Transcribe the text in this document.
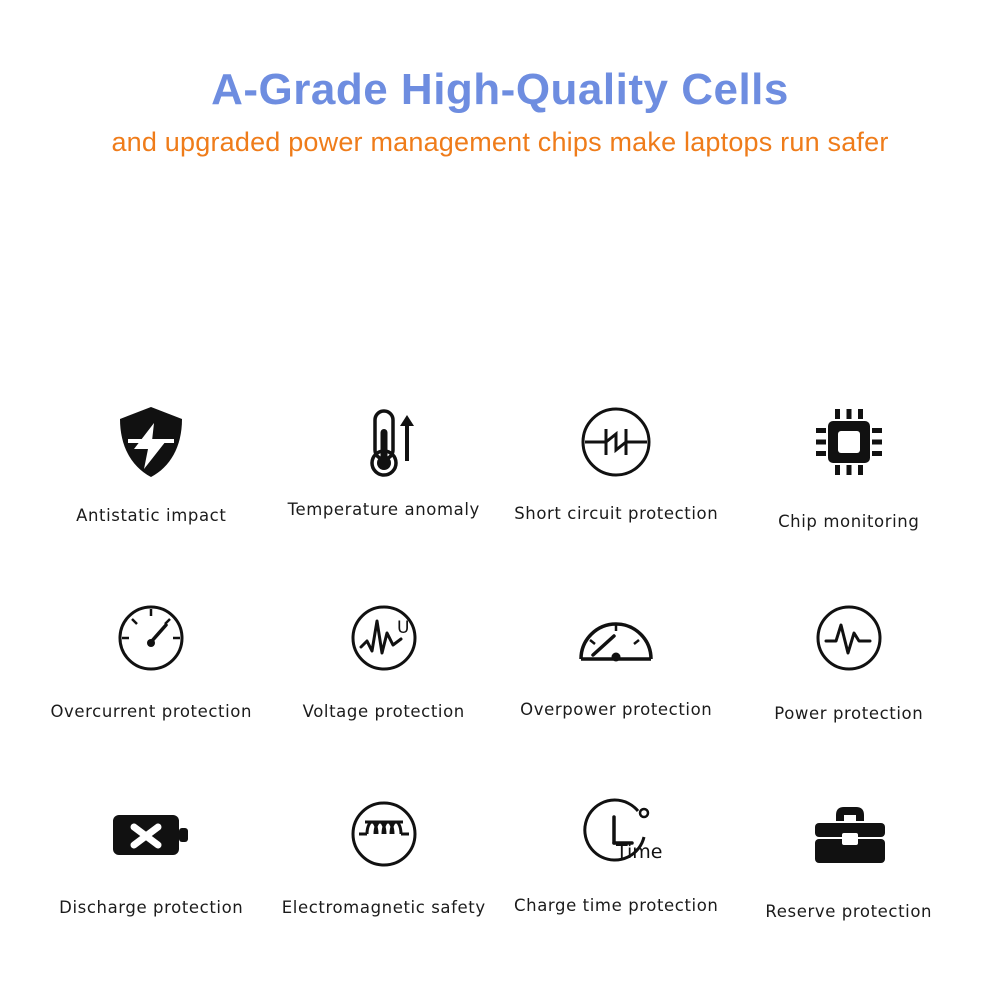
A-Grade High-Quality Cells

and upgraded power management chips make laptops run safer

Antistatic impact	Temperature anomaly Short circuit protection	Chip monitoring
Overcurrent protection
U
Voltage protection	Overpower protection	Power protection
Discharge protection Electromagnetic safety
Time
Charge time protection	Reserve protection
